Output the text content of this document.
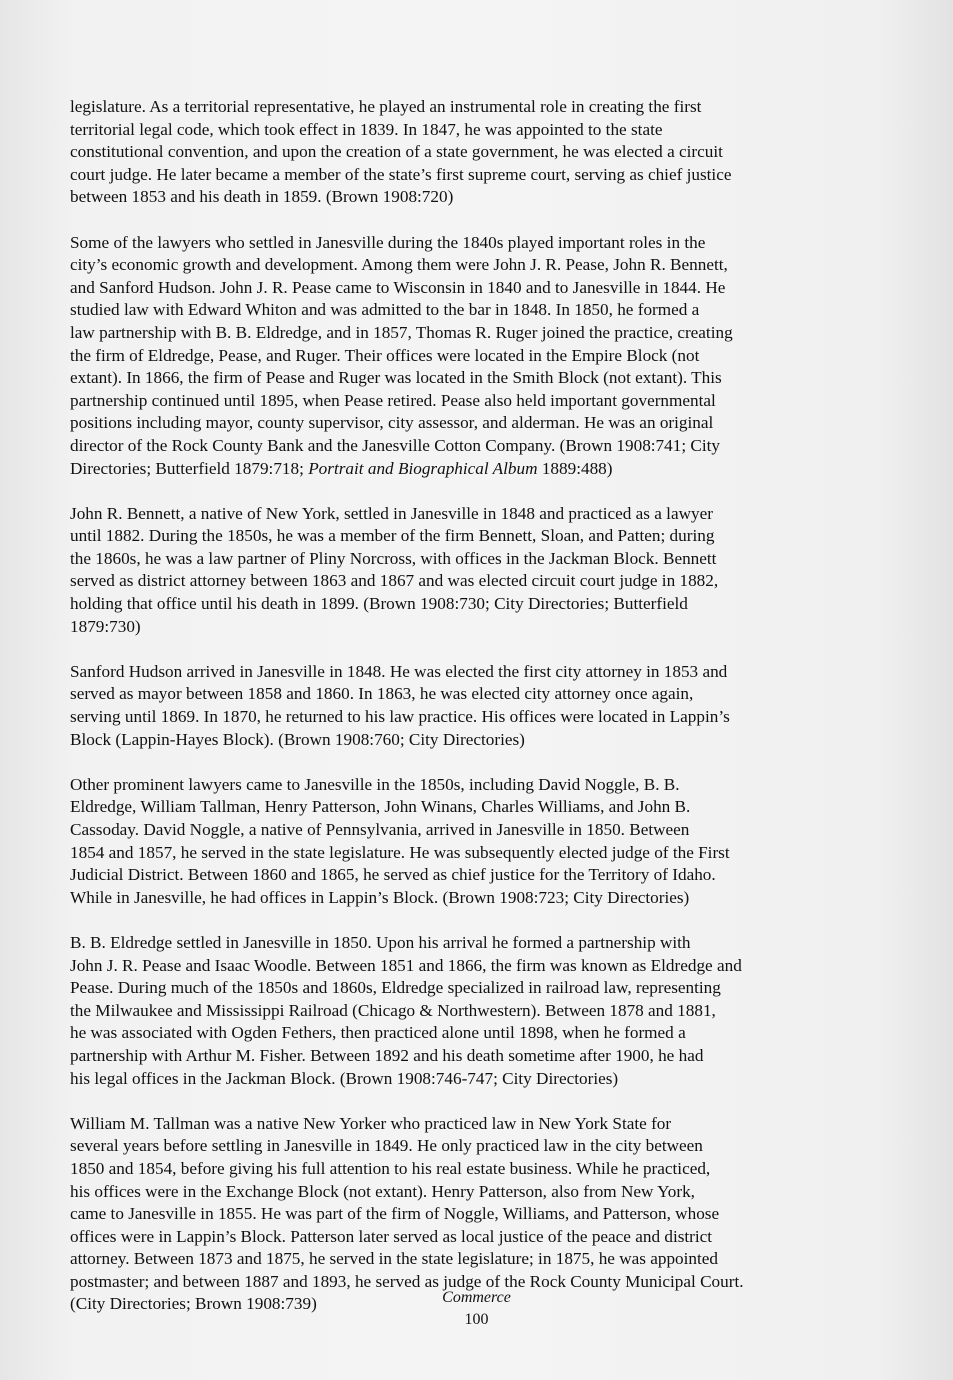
legislature. As a territorial representative, he played an instrumental role in creating the first
territorial legal code, which took effect in 1839. In 1847, he was appointed to the state
constitutional convention, and upon the creation of a state government, he was elected a circuit
court judge. He later became a member of the state’s first supreme court, serving as chief justice
between 1853 and his death in 1859. (Brown 1908:720)

Some of the lawyers who settled in Janesville during the 1840s played important roles in the
city’s economic growth and development. Among them were John J. R. Pease, John R. Bennett,
and Sanford Hudson. John J. R. Pease came to Wisconsin in 1840 and to Janesville in 1844. He
studied law with Edward Whiton and was admitted to the bar in 1848. In 1850, he formed a
law partnership with B. B. Eldredge, and in 1857, Thomas R. Ruger joined the practice, creating
the firm of Eldredge, Pease, and Ruger. Their offices were located in the Empire Block (not
extant). In 1866, the firm of Pease and Ruger was located in the Smith Block (not extant). This
partnership continued until 1895, when Pease retired. Pease also held important governmental
positions including mayor, county supervisor, city assessor, and alderman. He was an original
director of the Rock County Bank and the Janesville Cotton Company. (Brown 1908:741; City
Directories; Butterfield 1879:718; Portrait and Biographical Album 1889:488)

John R. Bennett, a native of New York, settled in Janesville in 1848 and practiced as a lawyer
until 1882. During the 1850s, he was a member of the firm Bennett, Sloan, and Patten; during
the 1860s, he was a law partner of Pliny Norcross, with offices in the Jackman Block. Bennett
served as district attorney between 1863 and 1867 and was elected circuit court judge in 1882,
holding that office until his death in 1899. (Brown 1908:730; City Directories; Butterfield
1879:730)

Sanford Hudson arrived in Janesville in 1848. He was elected the first city attorney in 1853 and
served as mayor between 1858 and 1860. In 1863, he was elected city attorney once again,
serving until 1869. In 1870, he returned to his law practice. His offices were located in Lappin’s
Block (Lappin-Hayes Block). (Brown 1908:760; City Directories)

Other prominent lawyers came to Janesville in the 1850s, including David Noggle, B. B.
Eldredge, William Tallman, Henry Patterson, John Winans, Charles Williams, and John B.
Cassoday. David Noggle, a native of Pennsylvania, arrived in Janesville in 1850. Between
1854 and 1857, he served in the state legislature. He was subsequently elected judge of the First
Judicial District. Between 1860 and 1865, he served as chief justice for the Territory of Idaho.
While in Janesville, he had offices in Lappin’s Block. (Brown 1908:723; City Directories)

B. B. Eldredge settled in Janesville in 1850. Upon his arrival he formed a partnership with
John J. R. Pease and Isaac Woodle. Between 1851 and 1866, the firm was known as Eldredge and
Pease. During much of the 1850s and 1860s, Eldredge specialized in railroad law, representing
the Milwaukee and Mississippi Railroad (Chicago & Northwestern). Between 1878 and 1881,
he was associated with Ogden Fethers, then practiced alone until 1898, when he formed a
partnership with Arthur M. Fisher. Between 1892 and his death sometime after 1900, he had
his legal offices in the Jackman Block. (Brown 1908:746-747; City Directories)

William M. Tallman was a native New Yorker who practiced law in New York State for
several years before settling in Janesville in 1849. He only practiced law in the city between
1850 and 1854, before giving his full attention to his real estate business. While he practiced,
his offices were in the Exchange Block (not extant). Henry Patterson, also from New York,
came to Janesville in 1855. He was part of the firm of Noggle, Williams, and Patterson, whose
offices were in Lappin’s Block. Patterson later served as local justice of the peace and district
attorney. Between 1873 and 1875, he served in the state legislature; in 1875, he was appointed
postmaster; and between 1887 and 1893, he served as judge of the Rock County Municipal Court.
(City Directories; Brown 1908:739)	Commerce
100
